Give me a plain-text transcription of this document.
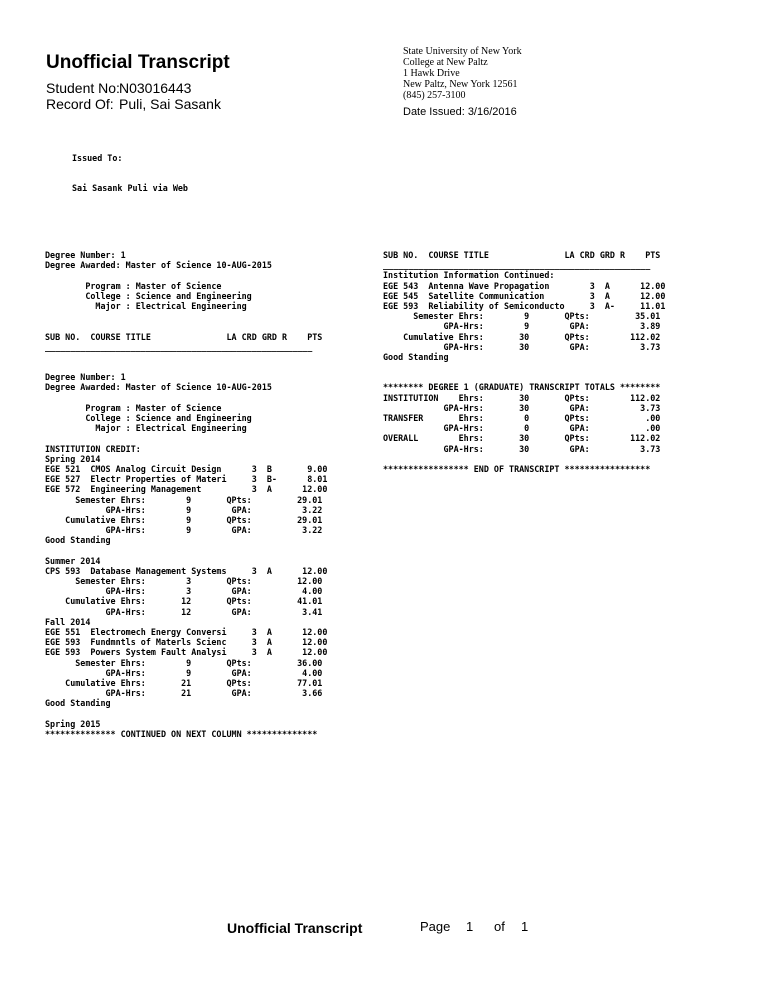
Unofficial Transcript
Student No: N03016443
Record Of: Puli, Sai Sasank
State University of New York
College at New Paltz
1 Hawk Drive
New Paltz, New York 12561
(845) 257-3100
Date Issued: 3/16/2016
Issued To:
Sai Sasank Puli via Web
Degree Number: 1
Degree Awarded: Master of Science 10-AUG-2015
Program : Master of Science
College : Science and Engineering
Major : Electrical Engineering
SUB NO.  COURSE TITLE               LA CRD GRD R    PTS
_____________________________________________________
Degree Number: 1
Degree Awarded: Master of Science 10-AUG-2015
Program : Master of Science
College : Science and Engineering
Major : Electrical Engineering
INSTITUTION CREDIT:
Spring 2014
EGE 521  CMOS Analog Circuit Design      3  B       9.00
EGE 527  Electr Properties of Materi     3  B-      8.01
EGE 572  Engineering Management          3  A      12.00
Semester Ehrs:        9       QPts:         29.01
GPA-Hrs:        9        GPA:          3.22
Cumulative Ehrs:        9       QPts:         29.01
GPA-Hrs:        9        GPA:          3.22
Good Standing
Summer 2014
CPS 593  Database Management Systems     3  A      12.00
Semester Ehrs:        3       QPts:         12.00
GPA-Hrs:        3        GPA:          4.00
Cumulative Ehrs:       12       QPts:         41.01
GPA-Hrs:       12        GPA:          3.41
Fall 2014
EGE 551  Electromech Energy Conversi     3  A      12.00
EGE 593  Fundmntls of Materls Scienc     3  A      12.00
EGE 593  Powers System Fault Analysi     3  A      12.00
Semester Ehrs:        9       QPts:         36.00
GPA-Hrs:        9        GPA:          4.00
Cumulative Ehrs:       21       QPts:         77.01
GPA-Hrs:       21        GPA:          3.66
Good Standing
Spring 2015
************** CONTINUED ON NEXT COLUMN **************
SUB NO.  COURSE TITLE               LA CRD GRD R    PTS
_____________________________________________________
Institution Information Continued:
EGE 543  Antenna Wave Propagation        3  A      12.00
EGE 545  Satellite Communication         3  A      12.00
EGE 593  Reliability of Semiconducto     3  A-     11.01
Semester Ehrs:        9       QPts:         35.01
GPA-Hrs:        9        GPA:          3.89
Cumulative Ehrs:       30       QPts:        112.02
GPA-Hrs:       30        GPA:          3.73
Good Standing
******** DEGREE 1 (GRADUATE) TRANSCRIPT TOTALS ********
INSTITUTION    Ehrs:       30       QPts:        112.02
GPA-Hrs:       30        GPA:          3.73
TRANSFER       Ehrs:        0       QPts:           .00
GPA-Hrs:        0        GPA:           .00
OVERALL        Ehrs:       30       QPts:        112.02
GPA-Hrs:       30        GPA:          3.73
***************** END OF TRANSCRIPT *****************
Unofficial Transcript	Page 1 of 1
